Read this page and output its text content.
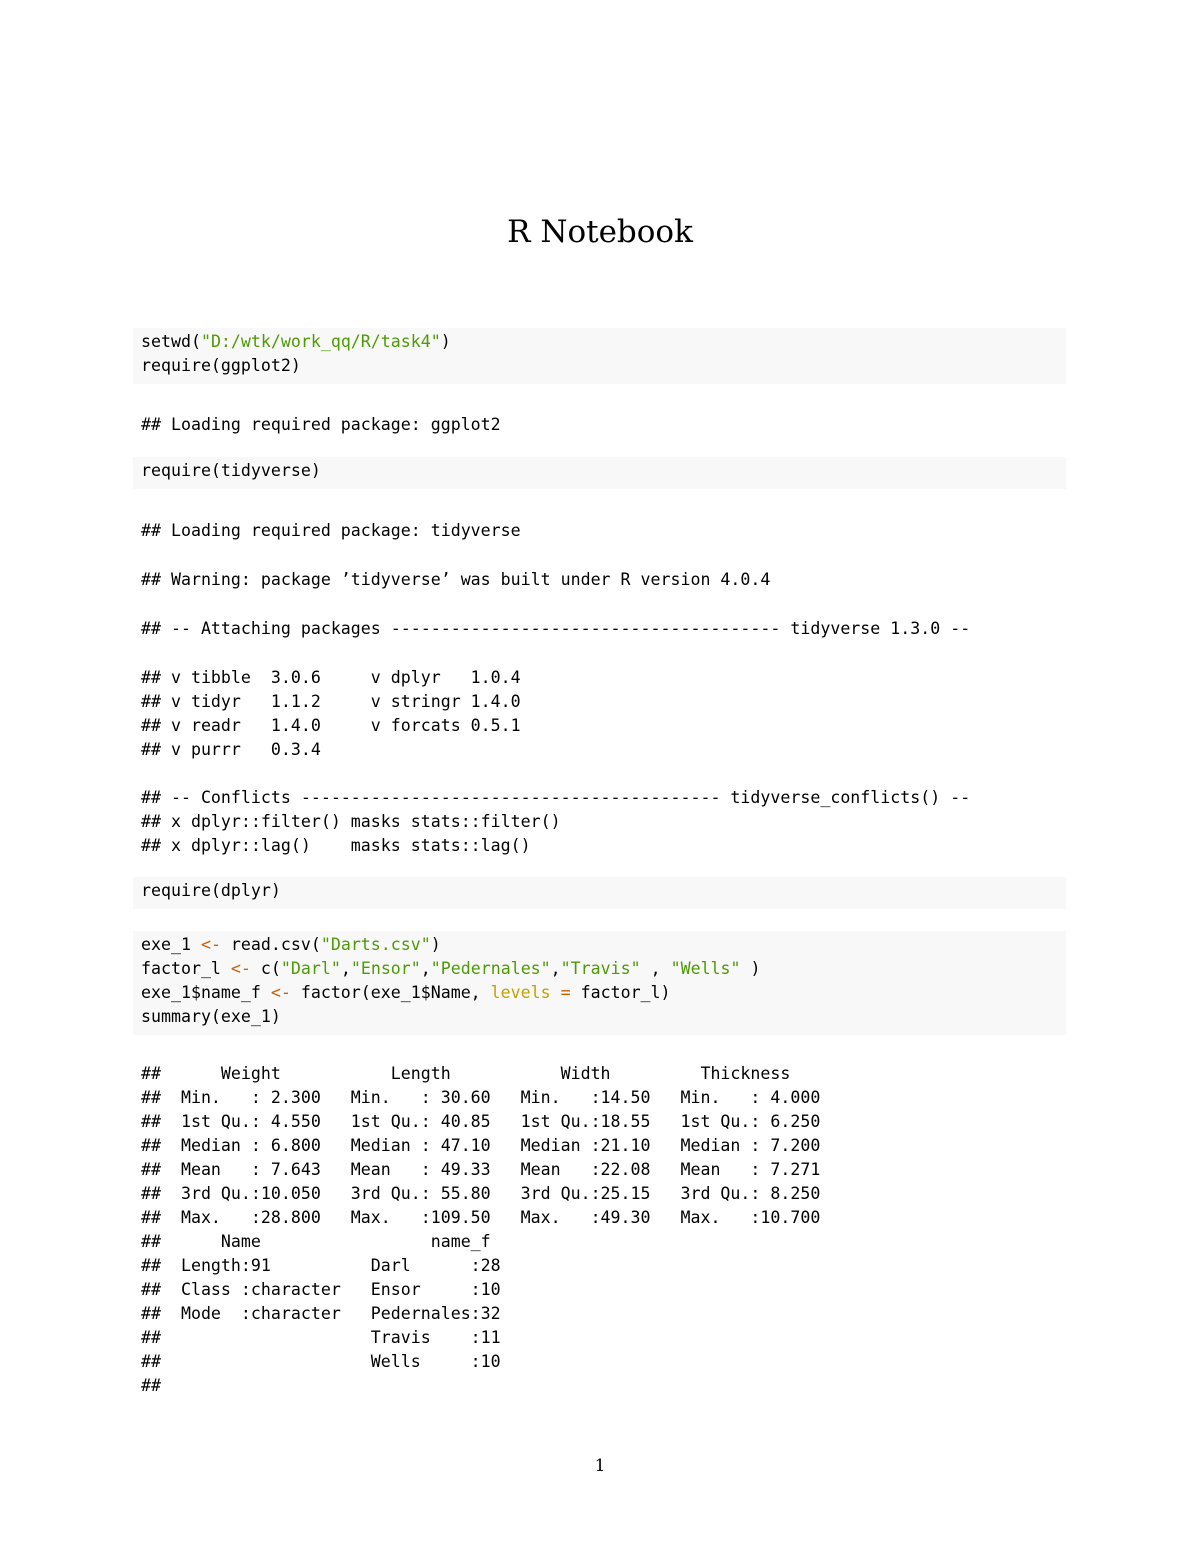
R Notebook
setwd("D:/wtk/work_qq/R/task4")
require(ggplot2)
## Loading required package: ggplot2
require(tidyverse)
## Loading required package: tidyverse
## Warning: package ’tidyverse’ was built under R version 4.0.4
## -- Attaching packages --------------------------------------- tidyverse 1.3.0 --
## v tibble  3.0.6     v dplyr   1.0.4
## v tidyr   1.1.2     v stringr 1.4.0
## v readr   1.4.0     v forcats 0.5.1
## v purrr   0.3.4
## -- Conflicts ------------------------------------------ tidyverse_conflicts() --
## x dplyr::filter() masks stats::filter()
## x dplyr::lag()    masks stats::lag()
require(dplyr)
exe_1 <- read.csv("Darts.csv")
factor_l <- c("Darl","Ensor","Pedernales","Travis" , "Wells" )
exe_1$name_f <- factor(exe_1$Name, levels = factor_l)
summary(exe_1)
##      Weight           Length           Width         Thickness
##  Min.   : 2.300   Min.   : 30.60   Min.   :14.50   Min.   : 4.000
##  1st Qu.: 4.550   1st Qu.: 40.85   1st Qu.:18.55   1st Qu.: 6.250
##  Median : 6.800   Median : 47.10   Median :21.10   Median : 7.200
##  Mean   : 7.643   Mean   : 49.33   Mean   :22.08   Mean   : 7.271
##  3rd Qu.:10.050   3rd Qu.: 55.80   3rd Qu.:25.15   3rd Qu.: 8.250
##  Max.   :28.800   Max.   :109.50   Max.   :49.30   Max.   :10.700
##      Name                 name_f
##  Length:91          Darl      :28
##  Class :character   Ensor     :10
##  Mode  :character   Pedernales:32
##                     Travis    :11
##                     Wells     :10
##
1
